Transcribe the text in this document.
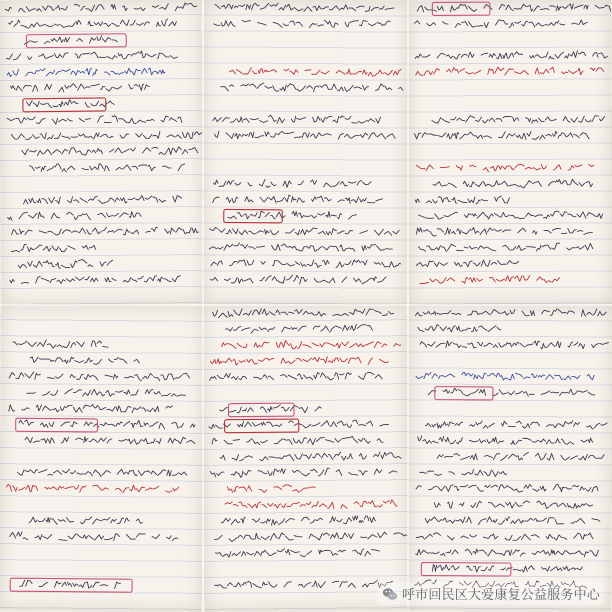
呼市回民区大爱康复公益服务中心
